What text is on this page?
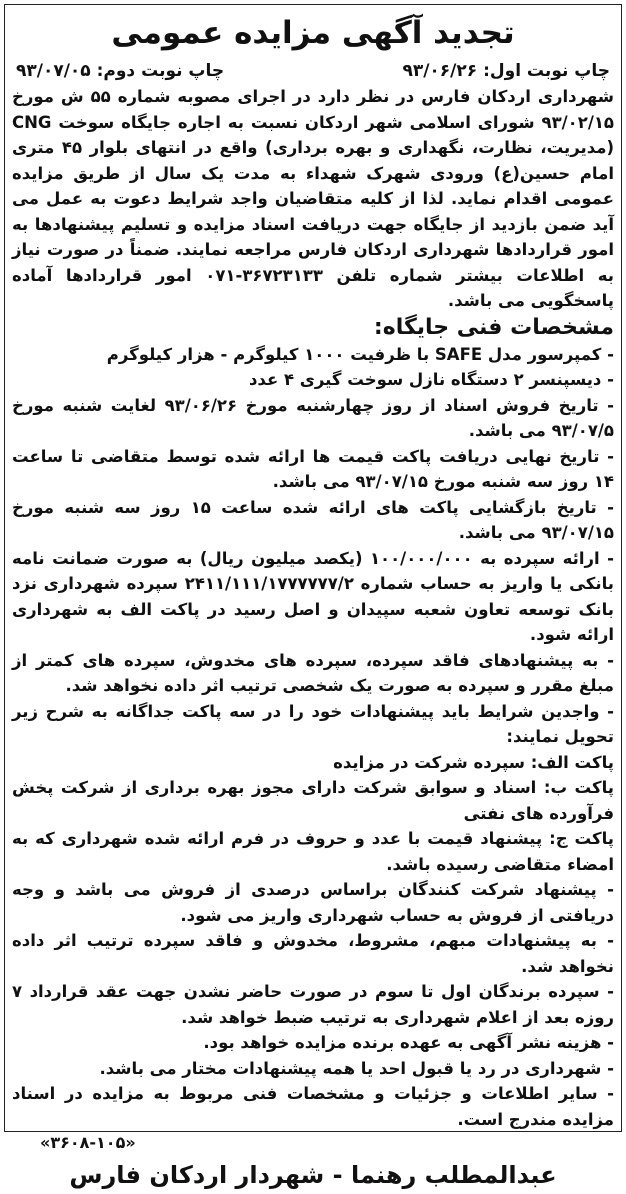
تجدید آگهی مزایده عمومی
چاپ نوبت اول: ۹۳/۰۶/۲۶
چاپ نوبت دوم: ۹۳/۰۷/۰۵

شهرداری اردکان فارس در نظر دارد در اجرای مصوبه شماره ۵۵ ش مورخ ۹۳/۰۲/۱۵ شورای اسلامی شهر اردکان نسبت به اجاره جایگاه سوخت CNG (مدیریت، نظارت، نگهداری و بهره برداری) واقع در انتهای بلوار ۴۵ متری امام حسین(ع) ورودی شهرک شهداء به مدت یک سال از طریق مزایده عمومی اقدام نماید. لذا از کلیه متقاضیان واجد شرایط دعوت به عمل می آید ضمن بازدید از جایگاه جهت دریافت اسناد مزایده و تسلیم پیشنهادها به امور قراردادها شهرداری اردکان فارس مراجعه نمایند. ضمناً در صورت نیاز به اطلاعات بیشتر شماره تلفن ۳۶۷۲۳۱۳۳-۰۷۱ امور قراردادها آماده پاسخگویی می باشد.

مشخصات فنی جایگاه:
- کمپرسور مدل SAFE با ظرفیت ۱۰۰۰ کیلوگرم - هزار کیلوگرم
- دیسپنسر ۲ دستگاه نازل سوخت گیری ۴ عدد
- تاریخ فروش اسناد از روز چهارشنبه مورخ ۹۳/۰۶/۲۶ لغایت شنبه مورخ ۹۳/۰۷/۵ می باشد.
- تاریخ نهایی دریافت پاکت قیمت ها ارائه شده توسط متقاضی تا ساعت ۱۴ روز سه شنبه مورخ ۹۳/۰۷/۱۵ می باشد.
- تاریخ بازگشایی پاکت های ارائه شده ساعت ۱۵ روز سه شنبه مورخ ۹۳/۰۷/۱۵ می باشد.
- ارائه سپرده به ۱۰۰/۰۰۰/۰۰۰ (یکصد میلیون ریال) به صورت ضمانت نامه بانکی یا واریز به حساب شماره ۲۴۱۱/۱۱۱/۱۷۷۷۷۷۷/۲ سپرده شهرداری نزد بانک توسعه تعاون شعبه سپیدان و اصل رسید در پاکت الف به شهرداری ارائه شود.
- به پیشنهادهای فاقد سپرده، سپرده های مخدوش، سپرده های کمتر از مبلغ مقرر و سپرده به صورت یک شخصی ترتیب اثر داده نخواهد شد.
- واجدین شرایط باید پیشنهادات خود را در سه پاکت جداگانه به شرح زیر تحویل نمایند:
پاکت الف: سپرده شرکت در مزایده
پاکت ب: اسناد و سوابق شرکت دارای مجوز بهره برداری از شرکت پخش فرآورده های نفتی
پاکت ج: پیشنهاد قیمت با عدد و حروف در فرم ارائه شده شهرداری که به امضاء متقاضی رسیده باشد.
- پیشنهاد شرکت کنندگان براساس درصدی از فروش می باشد و وجه دریافتی از فروش به حساب شهرداری واریز می شود.
- به پیشنهادات مبهم، مشروط، مخدوش و فاقد سپرده ترتیب اثر داده نخواهد شد.
- سپرده برندگان اول تا سوم در صورت حاضر نشدن جهت عقد قرارداد ۷ روزه بعد از اعلام شهرداری به ترتیب ضبط خواهد شد.
- هزینه نشر آگهی به عهده برنده مزایده خواهد بود.
- شهرداری در رد یا قبول احد یا همه پیشنهادات مختار می باشد.
- سایر اطلاعات و جزئیات و مشخصات فنی مربوط به مزایده در اسناد مزایده مندرج است.
«۳۶۰۸-۱۰۵»
عبدالمطلب رهنما - شهردار اردکان فارس
